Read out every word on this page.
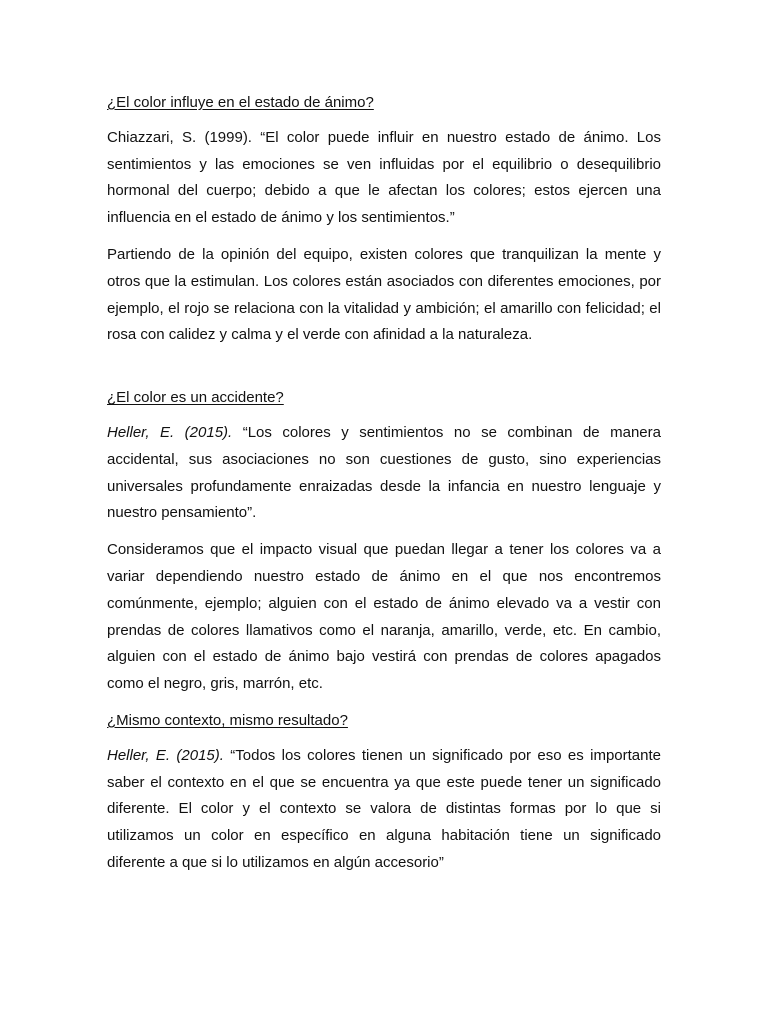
¿El color influye en el estado de ánimo?

Chiazzari, S. (1999). “El color puede influir en nuestro estado de ánimo. Los sentimientos y las emociones se ven influidas por el equilibrio o desequilibrio hormonal del cuerpo; debido a que le afectan los colores; estos ejercen una influencia en el estado de ánimo y los sentimientos.”

Partiendo de la opinión del equipo, existen colores que tranquilizan la mente y otros que la estimulan. Los colores están asociados con diferentes emociones, por ejemplo, el rojo se relaciona con la vitalidad y ambición; el amarillo con felicidad; el rosa con calidez y calma y el verde con afinidad a la naturaleza.

¿El color es un accidente?

Heller, E. (2015). “Los colores y sentimientos no se combinan de manera accidental, sus asociaciones no son cuestiones de gusto, sino experiencias universales profundamente enraizadas desde la infancia en nuestro lenguaje y nuestro pensamiento”.

Consideramos que el impacto visual que puedan llegar a tener los colores va a variar dependiendo nuestro estado de ánimo en el que nos encontremos comúnmente, ejemplo; alguien con el estado de ánimo elevado va a vestir con prendas de colores llamativos como el naranja, amarillo, verde, etc. En cambio, alguien con el estado de ánimo bajo vestirá con prendas de colores apagados como el negro, gris, marrón, etc.

¿Mismo contexto, mismo resultado?

Heller, E. (2015). “Todos los colores tienen un significado por eso es importante saber el contexto en el que se encuentra ya que este puede tener un significado diferente. El color y el contexto se valora de distintas formas por lo que si utilizamos un color en específico en alguna habitación tiene un significado diferente a que si lo utilizamos en algún accesorio”
